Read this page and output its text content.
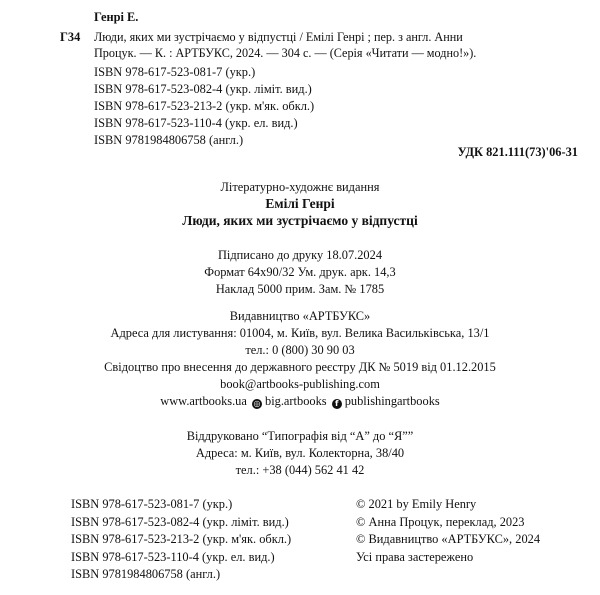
Генрі Е.
Г34 Люди, яких ми зустрічаємо у відпустці / Емілі Генрі ; пер. з англ. Анни
Процук. — К. : АРТБУКС, 2024. — 304 с. — (Серія «Читати — модно!»).
ISBN 978-617-523-081-7 (укр.)
ISBN 978-617-523-082-4 (укр. ліміт. вид.)
ISBN 978-617-523-213-2 (укр. м'як. обкл.)
ISBN 978-617-523-110-4 (укр. ел. вид.)
ISBN 9781984806758 (англ.)
УДК 821.111(73)'06-31
Літературно-художнє видання
Емілі Генрі
Люди, яких ми зустрічаємо у відпустці
Підписано до друку 18.07.2024
Формат 64х90/32 Ум. друк. арк. 14,3
Наклад 5000 прим. Зам. № 1785
Видавництво «АРТБУКС»
Адреса для листування: 01004, м. Київ, вул. Велика Васильківська, 13/1
тел.: 0 (800) 30 90 03
Свідоцтво про внесення до державного реєстру ДК № 5019 від 01.12.2015
book@artbooks-publishing.com
www.artbooks.ua ◎ big.artbooks f publishingartbooks
Віддруковано “Типографія від “А” до “Я””
Адреса: м. Київ, вул. Колекторна, 38/40
тел.: +38 (044) 562 41 42
ISBN 978-617-523-081-7 (укр.)
ISBN 978-617-523-082-4 (укр. ліміт. вид.)
ISBN 978-617-523-213-2 (укр. м'як. обкл.)
ISBN 978-617-523-110-4 (укр. ел. вид.)
ISBN 9781984806758 (англ.)
© 2021 by Emily Henry
© Анна Процук, переклад, 2023
© Видавництво «АРТБУКС», 2024
Усі права застережено
